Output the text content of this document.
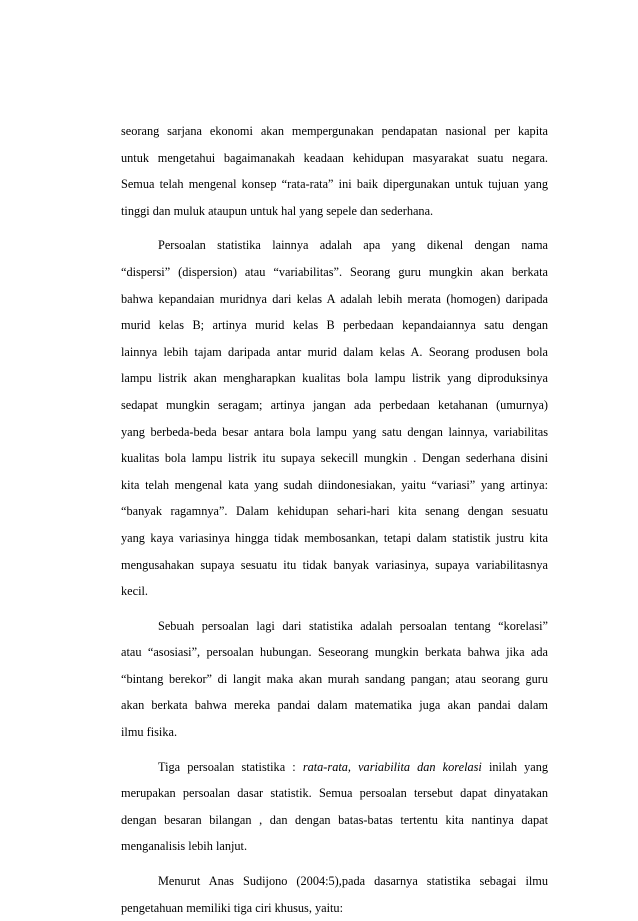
seorang sarjana ekonomi akan mempergunakan pendapatan nasional per kapita
untuk mengetahui bagaimanakah keadaan kehidupan masyarakat suatu negara.
Semua telah mengenal konsep “rata-rata” ini baik dipergunakan untuk tujuan yang
tinggi dan muluk ataupun untuk hal yang sepele dan sederhana.
Persoalan statistika lainnya adalah apa yang dikenal dengan nama
“dispersi” (dispersion) atau “variabilitas”. Seorang guru mungkin akan berkata
bahwa kepandaian muridnya dari kelas A adalah lebih merata (homogen) daripada
murid kelas B; artinya murid kelas B perbedaan kepandaiannya satu dengan
lainnya lebih tajam daripada antar murid dalam kelas A. Seorang produsen bola
lampu listrik akan mengharapkan kualitas bola lampu listrik yang diproduksinya
sedapat mungkin seragam; artinya jangan ada perbedaan ketahanan (umurnya)
yang berbeda-beda besar antara bola lampu yang satu dengan lainnya, variabilitas
kualitas bola lampu listrik itu supaya sekecill mungkin . Dengan sederhana disini
kita telah mengenal kata yang sudah diindonesiakan, yaitu “variasi” yang artinya:
“banyak ragamnya”. Dalam kehidupan sehari-hari kita senang dengan sesuatu
yang kaya variasinya hingga tidak membosankan, tetapi dalam statistik justru kita
mengusahakan supaya sesuatu itu tidak banyak variasinya, supaya variabilitasnya
kecil.
Sebuah persoalan lagi dari statistika adalah persoalan tentang “korelasi”
atau “asosiasi”, persoalan hubungan. Seseorang mungkin berkata bahwa jika ada
“bintang berekor” di langit maka akan murah sandang pangan; atau seorang guru
akan berkata bahwa mereka pandai dalam matematika juga akan pandai dalam
ilmu fisika.
Tiga persoalan statistika : rata-rata, variabilita dan korelasi inilah yang
merupakan persoalan dasar statistik. Semua persoalan tersebut dapat dinyatakan
dengan besaran bilangan , dan dengan batas-batas tertentu kita nantinya dapat
menganalisis lebih lanjut.
Menurut Anas Sudijono (2004:5),pada dasarnya statistika sebagai ilmu
pengetahuan memiliki tiga ciri khusus, yaitu:
